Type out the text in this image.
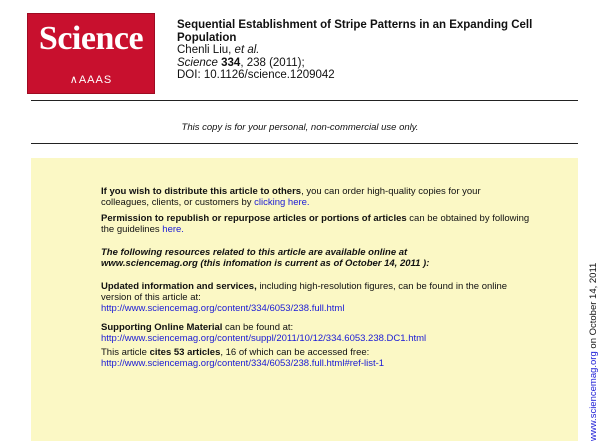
Science
∧AAAS
Sequential Establishment of Stripe Patterns in an Expanding Cell Population
Chenli Liu, et al.
Science 334, 238 (2011);
DOI: 10.1126/science.1209042
This copy is for your personal, non-commercial use only.
If you wish to distribute this article to others, you can order high-quality copies for your colleagues, clients, or customers by clicking here.
Permission to republish or repurpose articles or portions of articles can be obtained by following the guidelines here.
The following resources related to this article are available online at
www.sciencemag.org (this infomation is current as of October 14, 2011 ):
Updated information and services, including high-resolution figures, can be found in the online version of this article at:
http://www.sciencemag.org/content/334/6053/238.full.html
Supporting Online Material can be found at:
http://www.sciencemag.org/content/suppl/2011/10/12/334.6053.238.DC1.html
This article cites 53 articles, 16 of which can be accessed free:
http://www.sciencemag.org/content/334/6053/238.full.html#ref-list-1	www.sciencemag.org on October 14, 2011
